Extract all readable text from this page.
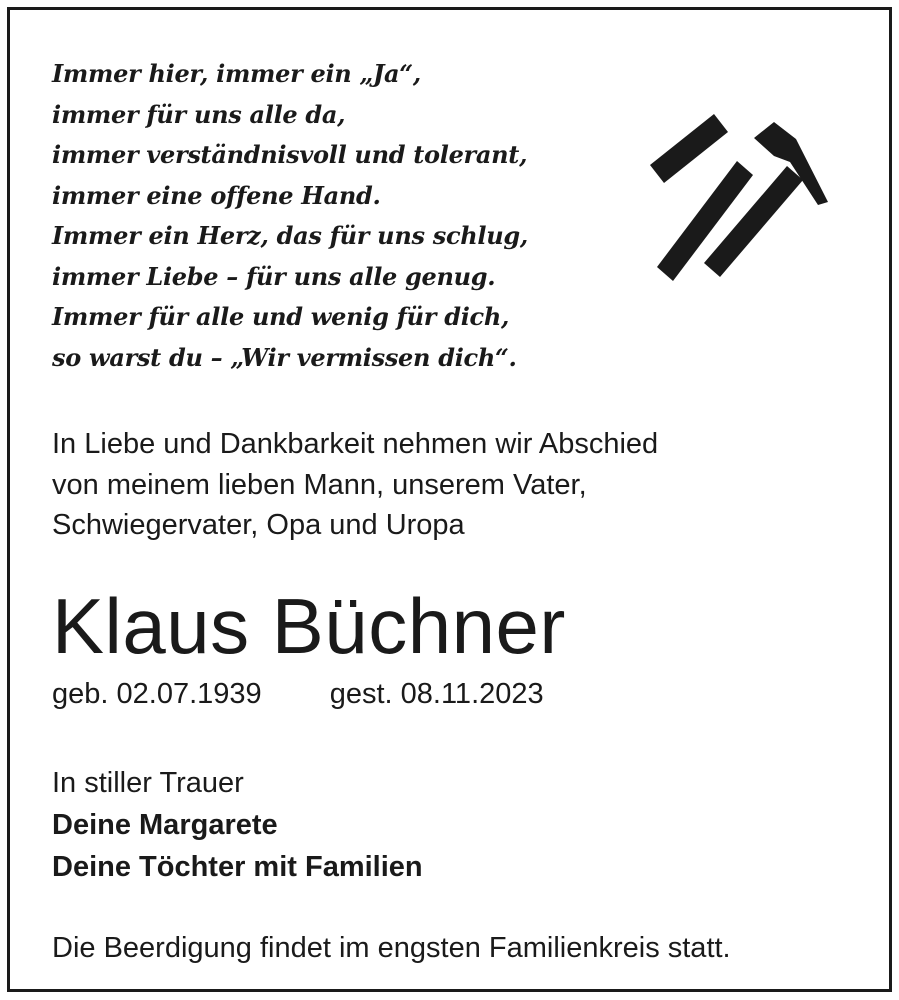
Immer hier, immer ein „Ja“,
immer für uns alle da,
immer verständnisvoll und tolerant,
immer eine offene Hand.
Immer ein Herz, das für uns schlug,
immer Liebe – für uns alle genug.
Immer für alle und wenig für dich,
so warst du – „Wir vermissen dich“.
In Liebe und Dankbarkeit nehmen wir Abschied
von meinem lieben Mann, unserem Vater,
Schwiegervater, Opa und Uropa
Klaus Büchner
geb. 02.07.1939 gest. 08.11.2023
In stiller Trauer
Deine Margarete
Deine Töchter mit Familien
Die Beerdigung findet im engsten Familienkreis statt.
